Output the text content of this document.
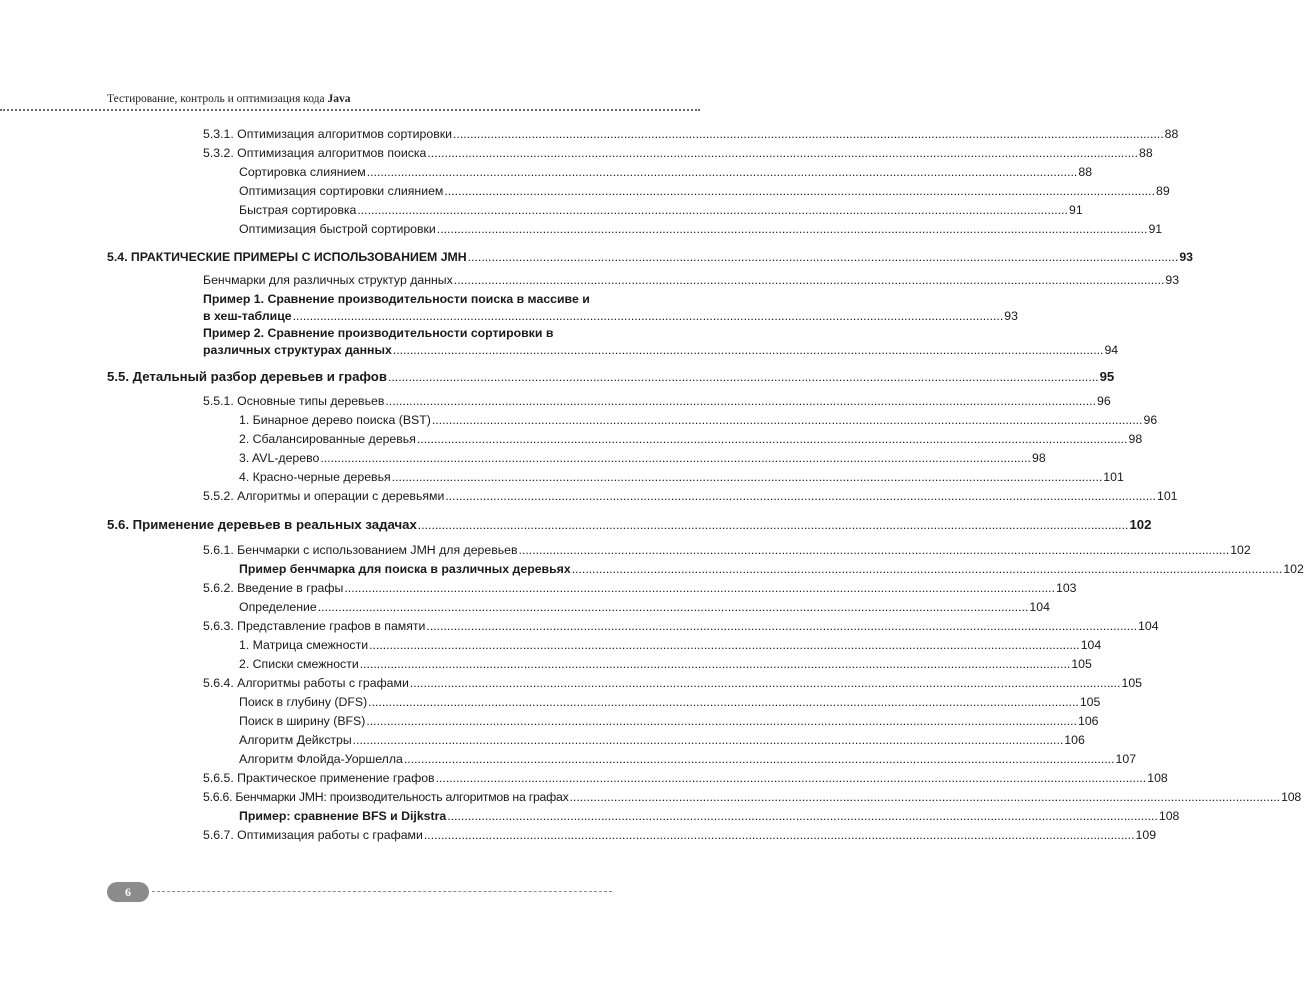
Тестирование, контроль и оптимизация кода Java
5.3.1. Оптимизация алгоритмов сортировки .....	88
5.3.2. Оптимизация алгоритмов поиска .....	88
Сортировка слиянием .....	88
Оптимизация сортировки слиянием .....	89
Быстрая сортировка .....	91
Оптимизация быстрой сортировки .....	91
5.4. ПРАКТИЧЕСКИЕ ПРИМЕРЫ С ИСПОЛЬЗОВАНИЕМ JMH .....	93
Бенчмарки для различных структур данных .....	93
Пример 1. Сравнение производительности поиска в массиве и
в хеш-таблице .....	93
Пример 2. Сравнение производительности сортировки в
различных структурах данных .....	94
5.5. Детальный разбор деревьев и графов .....	95
5.5.1. Основные типы деревьев .....	96
1. Бинарное дерево поиска (BST) .....	96
2. Сбалансированные деревья .....	98
3. AVL-дерево .....	98
4. Красно-черные деревья .....	101
5.5.2. Алгоритмы и операции с деревьями .....	101
5.6. Применение деревьев в реальных задачах .....	102
5.6.1. Бенчмарки с использованием JMH для деревьев .....	102
Пример бенчмарка для поиска в различных деревьях .....	102
5.6.2. Введение в графы .....	103
Определение .....	104
5.6.3. Представление графов в памяти .....	104
1. Матрица смежности .....	104
2. Списки смежности .....	105
5.6.4. Алгоритмы работы с графами .....	105
Поиск в глубину (DFS) .....	105
Поиск в ширину (BFS) .....	106
Алгоритм Дейкстры .....	106
Алгоритм Флойда-Уоршелла .....	107
5.6.5. Практическое применение графов .....	108
5.6.6. Бенчмарки JMH: производительность алгоритмов на графах .....	108
Пример: сравнение BFS и Dijkstra .....	108
5.6.7. Оптимизация работы с графами .....	109
6
